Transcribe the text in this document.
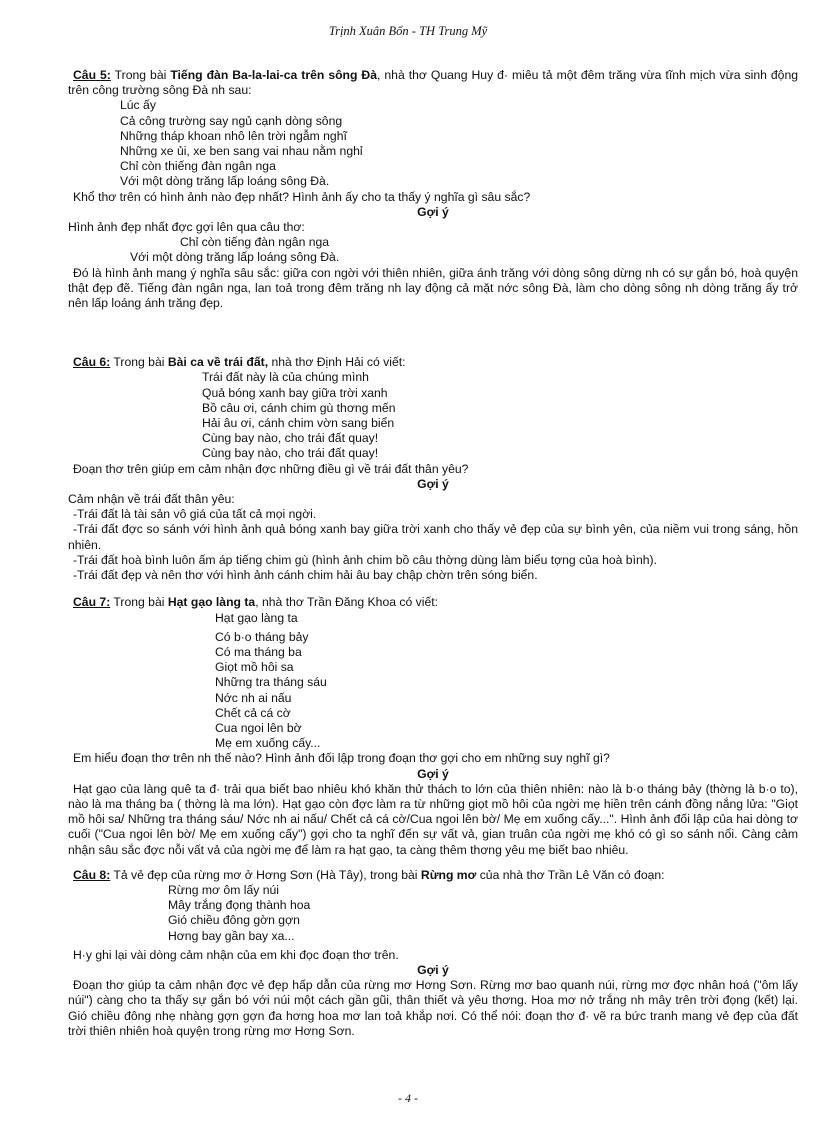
Trịnh Xuân Bốn - TH Trung Mỹ

Câu 5: Trong bài Tiếng đàn Ba-la-lai-ca trên sông Đà, nhà thơ Quang Huy đ· miêu tả một đêm trăng vừa tĩnh mịch vừa sinh động trên công trường sông Đà nh sau:

Lúc ấy
Cả công trường say ngủ cạnh dòng sông
Những tháp khoan nhô lên trời ngẫm nghĩ
Những xe ủi, xe ben sang vai nhau nằm nghỉ
Chỉ còn thiếng đàn ngân nga
Với một dòng trăng lấp loáng sông Đà.

Khổ thơ trên có hình ảnh nào đẹp nhất? Hình ảnh ấy cho ta thấy ý nghĩa gì sâu sắc?

Gợi ý

Hình ảnh đẹp nhất đợc gợi lên qua câu thơ:

Chỉ còn tiếng đàn ngân nga
Với một dòng trăng lấp loáng sông Đà.

Đó là hình ảnh mang ý nghĩa sâu sắc: giữa con ngời với thiên nhiên, giữa ánh trăng với dòng sông dừng nh có sự gắn bó, hoà quyện thật đẹp đẽ. Tiếng đàn ngân nga, lan toả trong đêm trăng nh lay động cả mặt nớc sông Đà, làm cho dòng sông nh dòng trăng ấy trở nên lấp loáng ánh trăng đẹp.

Câu 6: Trong bài Bài ca về trái đất, nhà thơ Định Hải có viết:

Trái đất này là của chúng mình
Quả bóng xanh bay giữa trời xanh
Bồ câu ơi, cánh chim gù thơng mến
Hải âu ơi, cánh chim vờn sang biển
Cùng bay nào, cho trái đất quay!
Cùng bay nào, cho trái đất quay!

Đoạn thơ trên giúp em cảm nhận đợc những điều gì về trái đất thân yêu?

Gợi ý

Cảm nhận về trái đất thân yêu:

-Trái đất là tài sản vô giá của tất cả mọi ngời.

-Trái đất đợc so sánh với hình ảnh quả bóng xanh bay giữa trời xanh cho thấy vẻ đẹp của sự bình yên, của niềm vui trong sáng, hồn nhiên.

-Trái đất hoà bình luôn ấm áp tiếng chim gù (hình ảnh chim bồ câu thờng dùng làm biểu tợng của hoà bình).

-Trái đất đẹp và nên thơ với hình ảnh cánh chim hải âu bay chập chờn trên sóng biển.

Câu 7: Trong bài Hạt gạo làng ta, nhà thơ Trần Đăng Khoa có viết:

Hạt gạo làng ta
Có b·o tháng bảy
Có ma tháng ba
Giọt mồ hôi sa
Những tra tháng sáu
Nớc nh ai nấu
Chết cả cá cờ
Cua ngoi lên bờ
Mẹ em xuống cấy...

Em hiểu đoạn thơ trên nh thế nào? Hình ảnh đối lập trong đoạn thơ gợi cho em những suy nghĩ gì?

Gợi ý

Hạt gạo của làng quê ta đ· trải qua biết bao nhiêu khó khăn thử thách to lớn của thiên nhiên: nào là b·o tháng bảy (thờng là b·o to), nào là ma tháng ba ( thờng là ma lớn). Hạt gạo còn đợc làm ra từ những giọt mồ hôi của ngời mẹ hiền trên cánh đồng nắng lửa: "Giọt mồ hôi sa/ Những tra tháng sáu/ Nớc nh ai nấu/ Chết cả cá cờ/Cua ngoi lên bờ/ Mẹ em xuống cấy...". Hình ảnh đối lập của hai dòng tơ cuối ("Cua ngoi lên bờ/ Mẹ em xuống cấy") gợi cho ta nghĩ đến sự vất vả, gian truân của ngời mẹ khó có gì so sánh nổi. Càng cảm nhận sâu sắc đợc nỗi vất vả của ngời mẹ để làm ra hạt gạo, ta càng thêm thơng yêu mẹ biết bao nhiêu.

Câu 8: Tả vẻ đẹp của rừng mơ ở Hơng Sơn (Hà Tây), trong bài Rừng mơ của nhà thơ Trần Lê Văn có đoạn:

Rừng mơ ôm lấy núi
Mây trắng đọng thành hoa
Gió chiều đông gờn gợn
Hơng bay gần bay xa...

H·y ghi lại vài dòng cảm nhận của em khi đọc đoạn thơ trên.

Gợi ý

Đoạn thơ giúp ta cảm nhận đợc vẻ đẹp hấp dẫn của rừng mơ Hơng Sơn. Rừng mơ bao quanh núi, rừng mơ đợc nhân hoá ("ôm lấy núi") càng cho ta thấy sự gắn bó với núi một cách gần gũi, thân thiết và yêu thơng. Hoa mơ nở trắng nh mây trên trời đọng (kết) lại. Gió chiều đông nhẹ nhàng gợn gợn đa hơng hoa mơ lan toả khắp nơi. Có thể nói: đoạn thơ đ· vẽ ra bức tranh mang vẻ đẹp của đất trời thiên nhiên hoà quyện trong rừng mơ Hơng Sơn.

- 4 -
